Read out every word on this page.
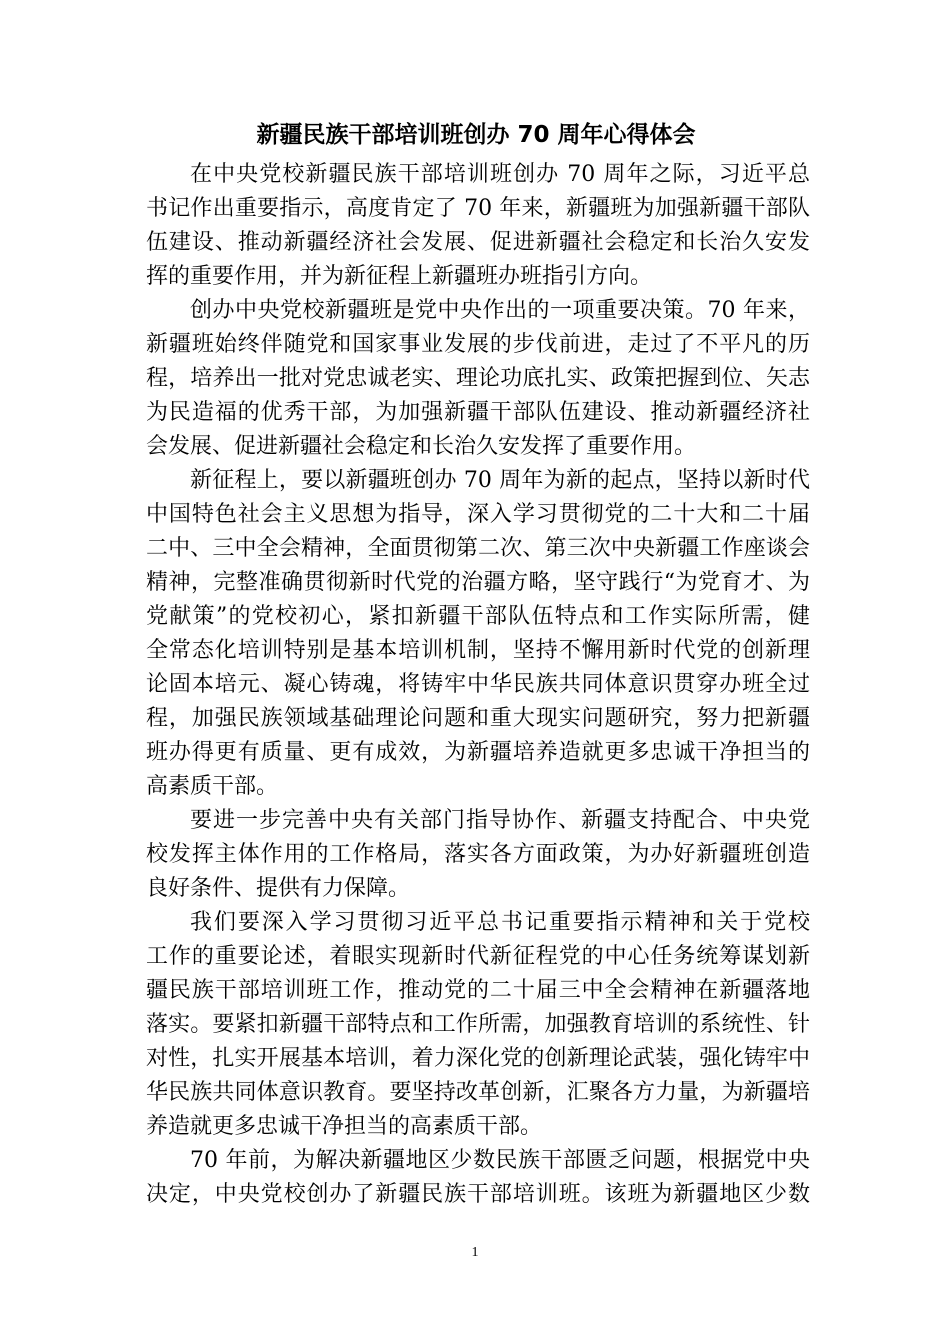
新疆民族干部培训班创办 70 周年心得体会
在中央党校新疆民族干部培训班创办 70 周年之际，习近平总
书记作出重要指示，高度肯定了 70 年来，新疆班为加强新疆干部队
伍建设、推动新疆经济社会发展、促进新疆社会稳定和长治久安发
挥的重要作用，并为新征程上新疆班办班指引方向。
创办中央党校新疆班是党中央作出的一项重要决策。70 年来，
新疆班始终伴随党和国家事业发展的步伐前进，走过了不平凡的历
程，培养出一批对党忠诚老实、理论功底扎实、政策把握到位、矢志
为民造福的优秀干部，为加强新疆干部队伍建设、推动新疆经济社
会发展、促进新疆社会稳定和长治久安发挥了重要作用。
新征程上，要以新疆班创办 70 周年为新的起点，坚持以新时代
中国特色社会主义思想为指导，深入学习贯彻党的二十大和二十届
二中、三中全会精神，全面贯彻第二次、第三次中央新疆工作座谈会
精神，完整准确贯彻新时代党的治疆方略，坚守践行“为党育才、为
党献策”的党校初心，紧扣新疆干部队伍特点和工作实际所需，健
全常态化培训特别是基本培训机制，坚持不懈用新时代党的创新理
论固本培元、凝心铸魂，将铸牢中华民族共同体意识贯穿办班全过
程，加强民族领域基础理论问题和重大现实问题研究，努力把新疆
班办得更有质量、更有成效，为新疆培养造就更多忠诚干净担当的
高素质干部。
要进一步完善中央有关部门指导协作、新疆支持配合、中央党
校发挥主体作用的工作格局，落实各方面政策，为办好新疆班创造
良好条件、提供有力保障。
我们要深入学习贯彻习近平总书记重要指示精神和关于党校
工作的重要论述，着眼实现新时代新征程党的中心任务统筹谋划新
疆民族干部培训班工作，推动党的二十届三中全会精神在新疆落地
落实。要紧扣新疆干部特点和工作所需，加强教育培训的系统性、针
对性，扎实开展基本培训，着力深化党的创新理论武装，强化铸牢中
华民族共同体意识教育。要坚持改革创新，汇聚各方力量，为新疆培
养造就更多忠诚干净担当的高素质干部。
70 年前，为解决新疆地区少数民族干部匮乏问题，根据党中央
决定，中央党校创办了新疆民族干部培训班。该班为新疆地区少数
1
